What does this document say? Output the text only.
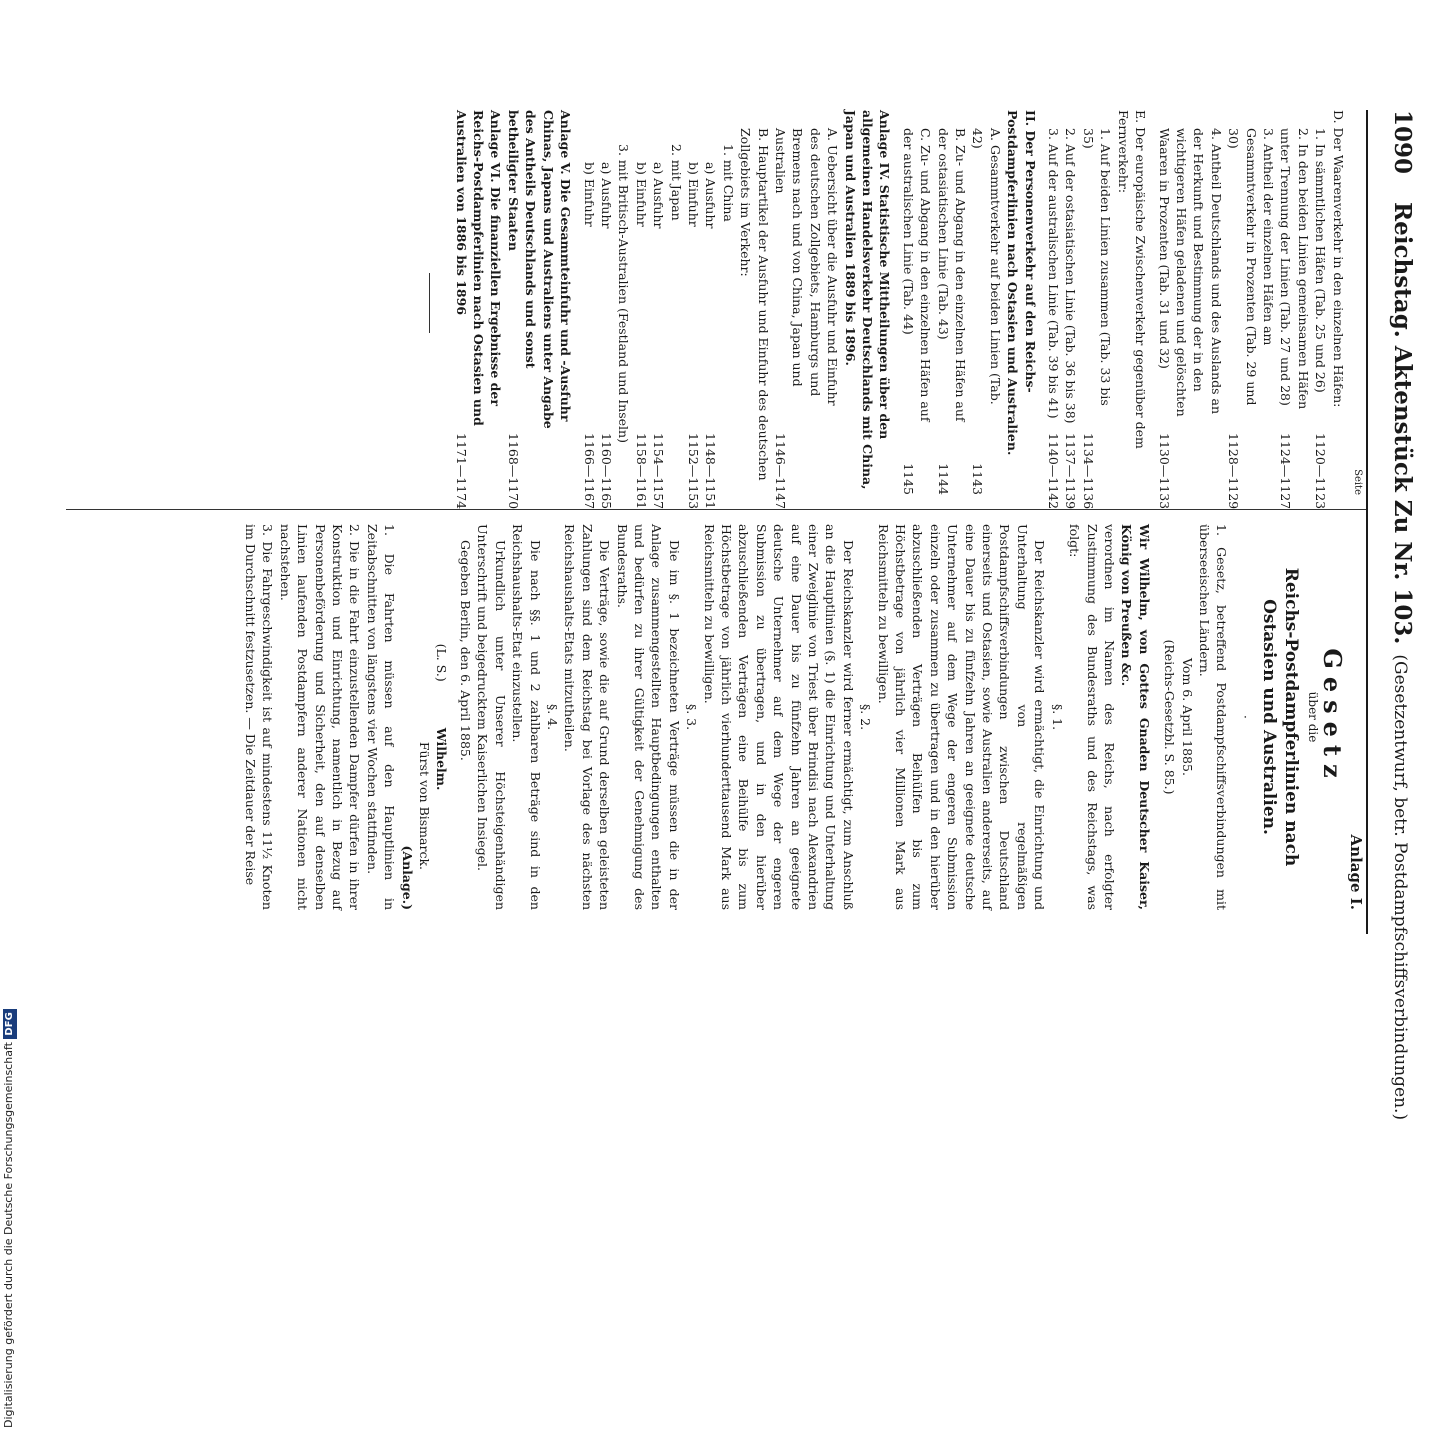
1090
Reichstag. Aktenstück Zu Nr. 103.
(Gesetzentwurf, betr. Postdampfschiffsverbindungen.)
Seite
D. Der Waarenverkehr in den einzelnen Häfen:
1. In sämmtlichen Häfen (Tab. 25 und 26)
1120—1123
2. In den beiden Linien gemeinsamen Häfen unter Trennung der Linien (Tab. 27 und 28)
1124—1127
3. Antheil der einzelnen Häfen am Gesammtverkehr in Prozenten (Tab. 29 und 30)
1128—1129
4. Antheil Deutschlands und des Auslands an der Herkunft und Bestimmung der in den wichtigeren Häfen geladenen und gelöschten Waaren in Prozenten (Tab. 31 und 32)
1130—1133
E. Der europäische Zwischenverkehr gegenüber dem Fernverkehr:
1. Auf beiden Linien zusammen (Tab. 33 bis 35)
1134—1136
2. Auf der ostasiatischen Linie (Tab. 36 bis 38)
1137—1139
3. Auf der australischen Linie (Tab. 39 bis 41)
1140—1142
II. Der Personenverkehr auf den Reichs-Postdampferlinien nach Ostasien und Australien.
A. Gesammtverkehr auf beiden Linien (Tab. 42)
1143
B. Zu- und Abgang in den einzelnen Häfen auf der ostasiatischen Linie (Tab. 43)
1144
C. Zu- und Abgang in den einzelnen Häfen auf der australischen Linie (Tab. 44)
1145
Anlage IV. Statistische Mittheilungen über den allgemeinen Handelsverkehr Deutschlands mit China, Japan und Australien 1889 bis 1896.
A. Uebersicht über die Ausfuhr und Einfuhr des deutschen Zollgebiets, Hamburgs und Bremens nach und von China, Japan und Australien
1146—1147
B. Hauptartikel der Ausfuhr und Einfuhr des deutschen Zollgebiets im Verkehr:
1. mit China
a) Ausfuhr
1148—1151
b) Einfuhr
1152—1153
2. mit Japan
a) Ausfuhr
1154—1157
b) Einfuhr
1158—1161
3. mit Britisch-Australien (Festland und Inseln)
a) Ausfuhr
1160—1165
b) Einfuhr
1166—1167
Anlage V. Die Gesammteinfuhr und -Ausfuhr Chinas, Japans und Australiens unter Angabe des Antheils Deutschlands und sonst betheiligter Staaten
1168—1170
Anlage VI. Die finanziellen Ergebnisse der Reichs-Postdampferlinien nach Ostasien und Australien von 1886 bis 1896
1171—1174
Anlage I.
Gesetz
über die
Reichs-Postdampferlinien nach Ostasien und Australien.
·
1. Gesetz, betreffend Postdampfschiffsverbindungen mit überseeischen Ländern.
Vom 6. April 1885.
(Reichs-Gesetzbl. S. 85.)
Wir Wilhelm, von Gottes Gnaden Deutscher Kaiser, König von Preußen &c.
verordnen im Namen des Reichs, nach erfolgter Zustimmung des Bundesraths und des Reichstags, was folgt:
§. 1.
Der Reichskanzler wird ermächtigt, die Einrichtung und Unterhaltung von regelmäßigen Postdampfschiffsverbindungen zwischen Deutschland einerseits und Ostasien, sowie Australien andererseits, auf eine Dauer bis zu fünfzehn Jahren an geeignete deutsche Unternehmer auf dem Wege der engeren Submission einzeln oder zusammen zu übertragen und in den hierüber abzuschließenden Verträgen Beihülfen bis zum Höchstbetrage von jährlich vier Millionen Mark aus Reichsmitteln zu bewilligen.
§. 2.
Der Reichskanzler wird ferner ermächtigt, zum Anschluß an die Hauptlinien (§. 1) die Einrichtung und Unterhaltung einer Zweiglinie von Triest über Brindisi nach Alexandrien auf eine Dauer bis zu fünfzehn Jahren an geeignete deutsche Unternehmer auf dem Wege der engeren Submission zu übertragen, und in den hierüber abzuschließenden Verträgen eine Beihülfe bis zum Höchstbetrage von jährlich vierhunderttausend Mark aus Reichsmitteln zu bewilligen.
§. 3.
Die im §. 1 bezeichneten Verträge müssen die in der Anlage zusammengestellten Hauptbedingungen enthalten und bedürfen zu ihrer Gültigkeit der Genehmigung des Bundesraths.
Die Verträge, sowie die auf Grund derselben geleisteten Zahlungen sind dem Reichstag bei Vorlage des nächsten Reichshaushalts-Etats mitzutheilen.
§. 4.
Die nach §§. 1 und 2 zahlbaren Beträge sind in den Reichshaushalts-Etat einzustellen.
Urkundlich unter Unserer Höchsteigenhändigen Unterschrift und beigedrucktem Kaiserlichen Insiegel.
Gegeben Berlin, den 6. April 1885.
(L. S.)Wilhelm.
Fürst von Bismarck.
(Anlage.)
1. Die Fahrten müssen auf den Hauptlinien in Zeitabschnitten von längstens vier Wochen stattfinden.
2. Die in die Fahrt einzustellenden Dampfer dürfen in ihrer Konstruktion und Einrichtung, namentlich in Bezug auf Personenbeförderung und Sicherheit, den auf denselben Linien laufenden Postdampfern anderer Nationen nicht nachstehen.
3. Die Fahrgeschwindigkeit ist auf mindestens 11½ Knoten im Durchschnitt festzusetzen. — Die Zeitdauer der Reise
Digitalisierung gefördert durch die Deutsche Forschungsgemeinschaft DFG
